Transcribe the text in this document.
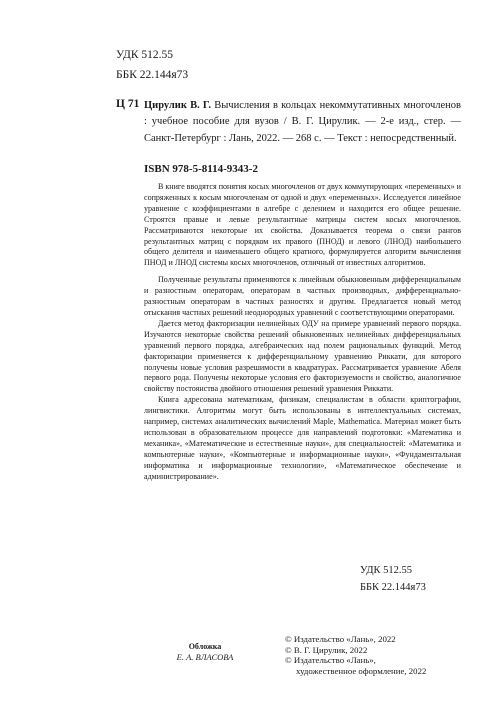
УДК 512.55
ББК 22.144я73
Ц 71 Цирулик В. Г. Вычисления в кольцах некоммутативных многочленов : учебное пособие для вузов / В. Г. Цирулик. — 2-е изд., стер. — Санкт-Петербург : Лань, 2022. — 268 с. — Текст : непосредственный.
ISBN 978-5-8114-9343-2

В книге вводятся понятия косых многочленов от двух коммутирующих «переменных» и сопряженных к косым многочленам от одной и двух «переменных». Исследуется линейное уравнение с коэффициентами в алгебре с делением и находится его общее решение. Строятся правые и левые результантные матрицы систем косых многочленов. Рассматриваются некоторые их свойства. Доказывается теорема о связи рангов результантных матриц с порядком их правого (ПНОД) и левого (ЛНОД) наибольшего общего делителя и наименьшего общего кратного, формулируется алгоритм вычисления ПНОД и ЛНОД системы косых многочленов, отличный от известных алгоритмов.

Полученные результаты применяются к линейным обыкновенным дифференциальным и разностным операторам, операторам в частных производных, дифференциально-разностным операторам в частных разностях и другим. Предлагается новый метод отыскания частных решений неоднородных уравнений с соответствующими операторами.

Дается метод факторизации нелинейных ОДУ на примере уравнений первого порядка. Изучаются некоторые свойства решений обыкновенных нелинейных дифференциальных уравнений первого порядка, алгебраических над полем рациональных функций. Метод факторизации применяется к дифференциальному уравнению Риккати, для которого получены новые условия разрешимости в квадратурах. Рассматривается уравнение Абеля первого рода. Получены некоторые условия его факторизуемости и свойство, аналогичное свойству постоянства двойного отношения решений уравнения Риккати.

Книга адресована математикам, физикам, специалистам в области криптографии, лингвистики. Алгоритмы могут быть использованы в интеллектуальных системах, например, системах аналитических вычислений Maple, Mathematica. Материал может быть использован в образовательном процессе для направлений подготовки: «Математика и механика», «Математические и естественные науки», для специальностей: «Математика и компьютерные науки», «Компьютерные и информационные науки», «Фундаментальная информатика и информационные технологии», «Математическое обеспечение и администрирование».

УДК 512.55
ББК 22.144я73
Обложка
Е. А. ВЛАСОВА
© Издательство «Лань», 2022
© В. Г. Цирулик, 2022
© Издательство «Лань»,
художественное оформление, 2022
